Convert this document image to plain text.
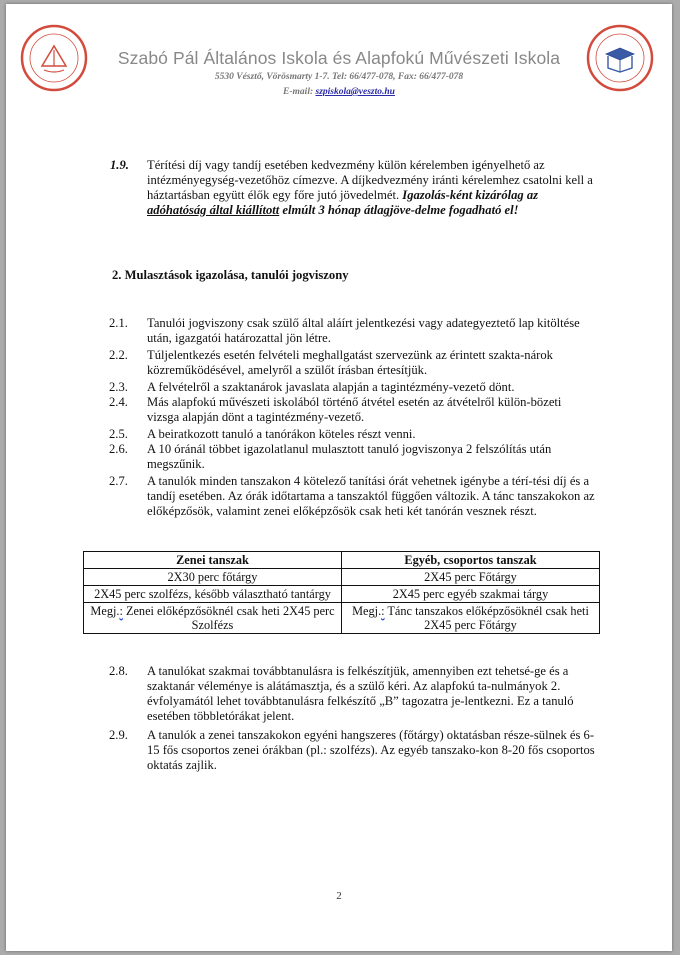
Szabó Pál Általános Iskola és Alapfokú Művészeti Iskola
5530 Vésztő, Vörösmarty 1-7. Tel: 66/477-078, Fax: 66/477-078
E-mail: szpiskola@veszto.hu
1.9. Térítési díj vagy tandíj esetében kedvezmény külön kérelemben igényelhető az intézményegység-vezetőhöz címezve. A díjkedvezmény iránti kérelemhez csatolni kell a háztartásban együtt élők egy főre jutó jövedelmét. Igazolás-ként kizárólag az adóhatóság által kiállított elmúlt 3 hónap átlagjöve-delme fogadható el!
2. Mulasztások igazolása, tanulói jogviszony
2.1. Tanulói jogviszony csak szülő által aláírt jelentkezési vagy adategyeztető lap kitöltése után, igazgatói határozattal jön létre.
2.2. Túljelentkezés esetén felvételi meghallgatást szervezünk az érintett szakta-nárok közreműködésével, amelyről a szülőt írásban értesítjük.
2.3. A felvételről a szaktanárok javaslata alapján a tagintézmény-vezető dönt.
2.4. Más alapfokú művészeti iskolából történő átvétel esetén az átvételről külön-bözeti vizsga alapján dönt a tagintézmény-vezető.
2.5. A beiratkozott tanuló a tanórákon köteles részt venni.
2.6. A 10 óránál többet igazolatlanul mulasztott tanuló jogviszonya 2 felszólítás után megszűnik.
2.7. A tanulók minden tanszakon 4 kötelező tanítási órát vehetnek igénybe a térí-tési díj és a tandíj esetében. Az órák időtartama a tanszaktól függően változik. A tánc tanszakokon az előképzősök, valamint zenei előképzősök csak heti két tanórán vesznek részt.
Zenei tanszak	Egyéb, csoportos tanszak
2X30 perc főtárgy	2X45 perc Főtárgy
2X45 perc szolfézs, később választható tantárgy	2X45 perc egyéb szakmai tárgy
Megj.: Zenei előképzősöknél csak heti 2X45 perc Szolfézs	Megj.: Tánc tanszakos előképzősöknél csak heti 2X45 perc Főtárgy
2.8. A tanulókat szakmai továbbtanulásra is felkészítjük, amennyiben ezt tehetsé-ge és a szaktanár véleménye is alátámasztja, és a szülő kéri. Az alapfokú ta-nulmányok 2. évfolyamától lehet továbbtanulásra felkészítő „B” tagozatra je-lentkezni. Ez a tanuló esetében többletórákat jelent.
2.9. A tanulók a zenei tanszakokon egyéni hangszeres (főtárgy) oktatásban része-sülnek és 6-15 fős csoportos zenei órákban (pl.: szolfézs). Az egyéb tanszako-kon 8-20 fős csoportos oktatás zajlik.
2
